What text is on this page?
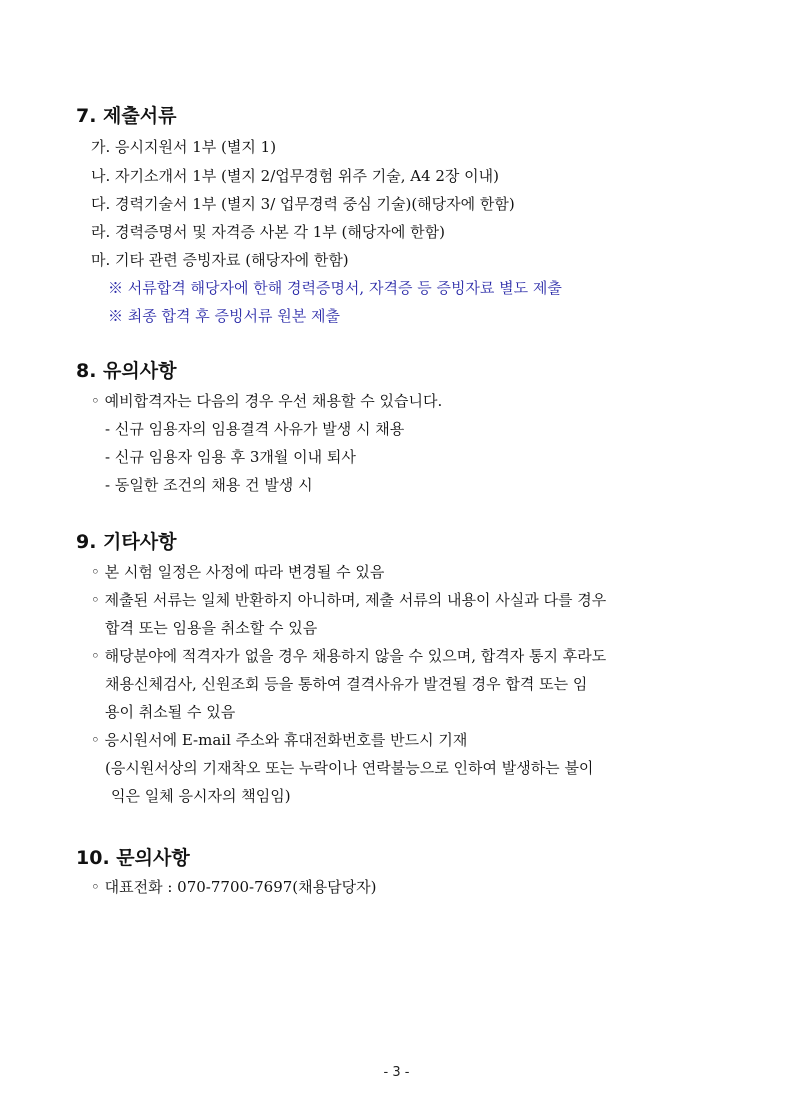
7. 제출서류
가. 응시지원서 1부 (별지 1)
나. 자기소개서 1부 (별지 2/업무경험 위주 기술, A4 2장 이내)
다. 경력기술서 1부 (별지 3/ 업무경력 중심 기술)(해당자에 한함)
라. 경력증명서 및 자격증 사본 각 1부 (해당자에 한함)
마. 기타 관련 증빙자료 (해당자에 한함)
※ 서류합격 해당자에 한해 경력증명서, 자격증 등 증빙자료 별도 제출
※ 최종 합격 후 증빙서류 원본 제출
8. 유의사항
◦ 예비합격자는 다음의 경우 우선 채용할 수 있습니다.
- 신규 임용자의 임용결격 사유가 발생 시 채용
- 신규 임용자 임용 후 3개월 이내 퇴사
- 동일한 조건의 채용 건 발생 시
9. 기타사항
◦ 본 시험 일정은 사정에 따라 변경될 수 있음
◦ 제출된 서류는 일체 반환하지 아니하며, 제출 서류의 내용이 사실과 다를 경우
합격 또는 임용을 취소할 수 있음
◦ 해당분야에 적격자가 없을 경우 채용하지 않을 수 있으며, 합격자 통지 후라도
채용신체검사, 신원조회 등을 통하여 결격사유가 발견될 경우 합격 또는 임
용이 취소될 수 있음
◦ 응시원서에 E-mail 주소와 휴대전화번호를 반드시 기재
(응시원서상의 기재착오 또는 누락이나 연락불능으로 인하여 발생하는 불이
익은 일체 응시자의 책임임)
10. 문의사항
◦ 대표전화 : 070-7700-7697(채용담당자)
- 3 -
